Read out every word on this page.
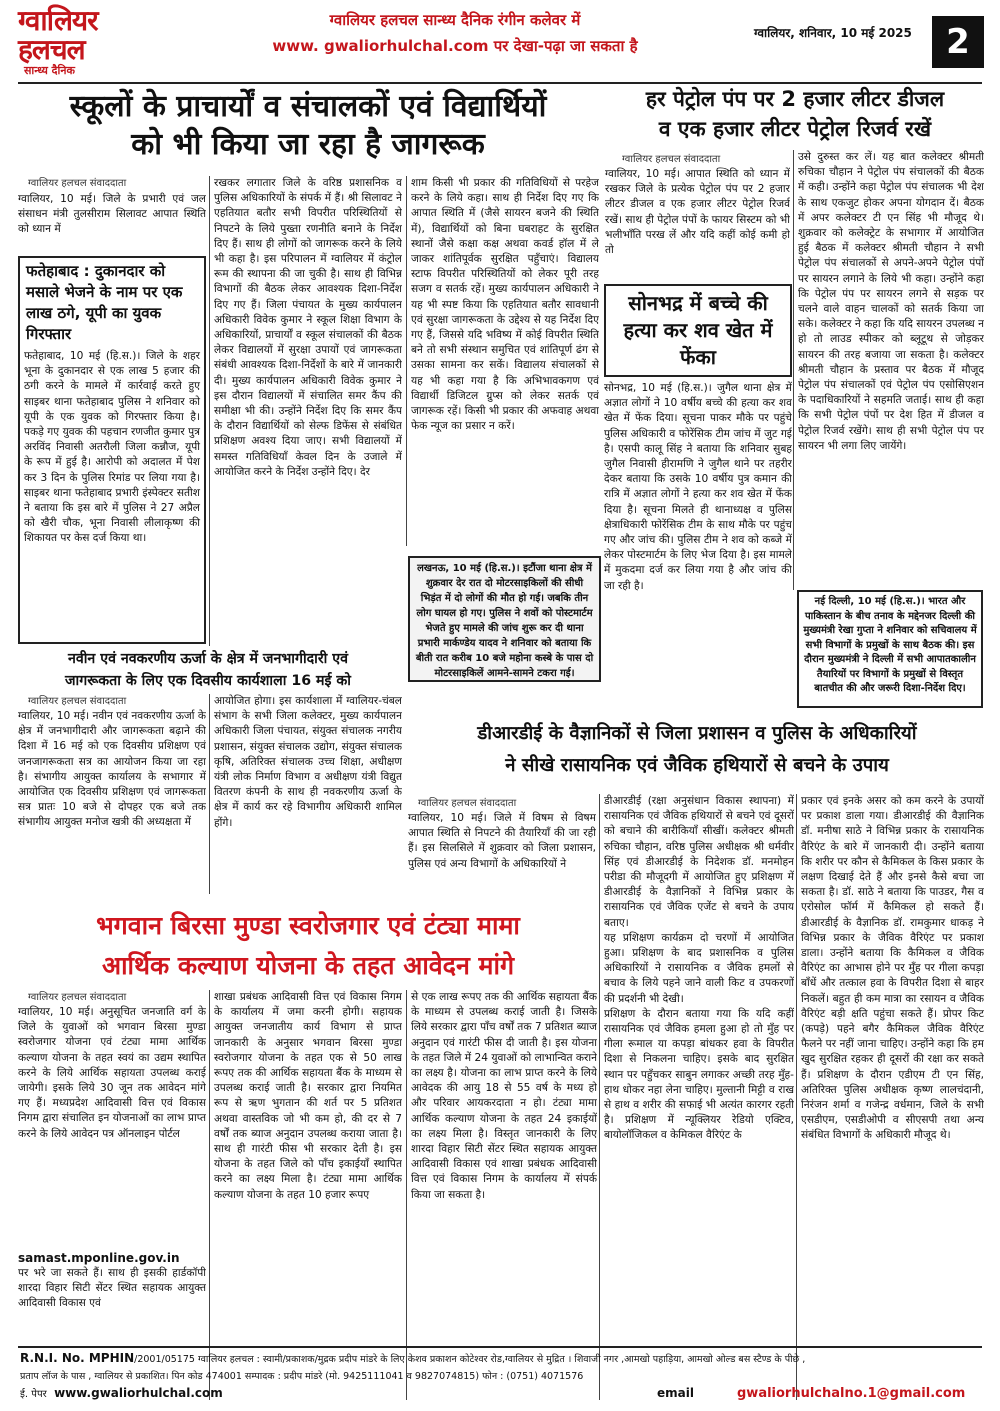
ग्वालियर
हलचल
सान्ध्य दैनिक
ग्वालियर हलचल सान्ध्य दैनिक रंगीन कलेवर में
www. gwaliorhulchal.com पर देखा-पढ़ा जा सकता है
ग्वालियर, शनिवार, 10 मई 2025	2
स्कूलों के प्राचार्यों व संचालकों एवं विद्यार्थियों
को भी किया जा रहा है जागरूक
ग्वालियर हलचल संवाददाता
ग्वालियर, 10 मई। जिले के प्रभारी एवं जल संसाधन मंत्री तुलसीराम सिलावट आपात स्थिति को ध्यान में
रखकर लगातार जिले के वरिष्ठ प्रशासनिक व पुलिस अधिकारियों के संपर्क में हैं। श्री सिलावट ने एहतियात बतौर सभी विपरीत परिस्थितियों से निपटने के लिये पुख्ता रणनीति बनाने के निर्देश दिए हैं। साथ ही लोगों को जागरूक करने के लिये भी कहा है। इस परिपालन में ग्वालियर में कंट्रोल रूम की स्थापना की जा चुकी है। साथ ही विभिन्न विभागों की बैठक लेकर आवश्यक दिशा-निर्देश दिए गए हैं। जिला पंचायत के मुख्य कार्यपालन अधिकारी विवेक कुमार ने स्कूल शिक्षा विभाग के अधिकारियों, प्राचार्यों व स्कूल संचालकों की बैठक लेकर विद्यालयों में सुरक्षा उपायों एवं जागरूकता संबंधी आवश्यक दिशा-निर्देशों के बारे में जानकारी दी। मुख्य कार्यपालन अधिकारी विवेक कुमार ने इस दौरान विद्यालयों में संचालित समर कैंप की समीक्षा भी की। उन्होंने निर्देश दिए कि समर कैंप के दौरान विद्यार्थियों को सेल्फ डिफेंस से संबंधित प्रशिक्षण अवश्य दिया जाए। सभी विद्यालयों में समस्त गतिविधियाँ केवल दिन के उजाले में आयोजित करने के निर्देश उन्होंने दिए। देर
शाम किसी भी प्रकार की गतिविधियों से परहेज करने के लिये कहा। साथ ही निर्देश दिए गए कि आपात स्थिति में (जैसे सायरन बजने की स्थिति में), विद्यार्थियों को बिना घबराहट के सुरक्षित स्थानों जैसे कक्षा कक्ष अथवा कवर्ड हॉल में ले जाकर शांतिपूर्वक सुरक्षित पहुँचाएं। विद्यालय स्टाफ विपरीत परिस्थितियों को लेकर पूरी तरह सजग व सतर्क रहें। मुख्य कार्यपालन अधिकारी ने यह भी स्पष्ट किया कि एहतियात बतौर सावधानी एवं सुरक्षा जागरूकता के उद्देश्य से यह निर्देश दिए गए हैं, जिससे यदि भविष्य में कोई विपरीत स्थिति बने तो सभी संस्थान समुचित एवं शांतिपूर्ण ढंग से उसका सामना कर सकें। विद्यालय संचालकों से यह भी कहा गया है कि अभिभावकगण एवं विद्यार्थी डिजिटल ग्रुप्स को लेकर सतर्क एवं जागरूक रहें। किसी भी प्रकार की अफवाह अथवा फेक न्यूज का प्रसार न करें।
फतेहाबाद : दुकानदार को मसाले भेजने के नाम पर एक लाख ठगे, यूपी का युवक गिरफ्तार
फतेहाबाद, 10 मई (हि.स.)। जिले के शहर भूना के दुकानदार से एक लाख 5 हजार की ठगी करने के मामले में कार्रवाई करते हुए साइबर थाना फतेहाबाद पुलिस ने शनिवार को यूपी के एक युवक को गिरफ्तार किया है। पकड़े गए युवक की पहचान रणजीत कुमार पुत्र अरविंद निवासी अतरौली जिला कन्नौज, यूपी के रूप में हुई है। आरोपी को अदालत में पेश कर 3 दिन के पुलिस रिमांड पर लिया गया है। साइबर थाना फतेहाबाद प्रभारी इंस्पेक्टर सतीश ने बताया कि इस बारे में पुलिस ने 27 अप्रैल को खैरी चौक, भूना निवासी लीलाकृष्ण की शिकायत पर केस दर्ज किया था।
लखनऊ, 10 मई (हि.स.)। इटौंजा थाना क्षेत्र में शुक्रवार देर रात दो मोटरसाइकिलों की सीधी भिड़ंत में दो लोगों की मौत हो गई। जबकि तीन लोग घायल हो गए। पुलिस ने शवों को पोस्टमार्टम भेजते हुए मामले की जांच शुरू कर दी थाना प्रभारी मार्कण्डेय यादव ने शनिवार को बताया कि बीती रात करीब 10 बजे महोना कस्बे के पास दो मोटरसाइकिलें आमने-सामने टकरा गई।
हर पेट्रोल पंप पर 2 हजार लीटर डीजल
व एक हजार लीटर पेट्रोल रिजर्व रखें
ग्वालियर हलचल संवाददाता
ग्वालियर, 10 मई। आपात स्थिति को ध्यान में रखकर जिले के प्रत्येक पेट्रोल पंप पर 2 हजार लीटर डीजल व एक हजार लीटर पेट्रोल रिजर्व रखें। साथ ही पेट्रोल पंपों के फायर सिस्टम को भी भलीभाँति परख लें और यदि कहीं कोई कमी हो तो
उसे दुरुस्त कर लें। यह बात कलेक्टर श्रीमती रुचिका चौहान ने पेट्रोल पंप संचालकों की बैठक में कही। उन्होंने कहा पेट्रोल पंप संचालक भी देश के साथ एकजुट होकर अपना योगदान दें। बैठक में अपर कलेक्टर टी एन सिंह भी मौजूद थे। शुक्रवार को कलेक्ट्रेट के सभागार में आयोजित हुई बैठक में कलेक्टर श्रीमती चौहान ने सभी पेट्रोल पंप संचालकों से अपने-अपने पेट्रोल पंपों पर सायरन लगाने के लिये भी कहा। उन्होंने कहा कि पेट्रोल पंप पर सायरन लगने से सड़क पर चलने वाले वाहन चालकों को सतर्क किया जा सके। कलेक्टर ने कहा कि यदि सायरन उपलब्ध न हो तो लाउड स्पीकर को ब्लूटूथ से जोड़कर सायरन की तरह बजाया जा सकता है। कलेक्टर श्रीमती चौहान के प्रस्ताव पर बैठक में मौजूद पेट्रोल पंप संचालकों एवं पेट्रोल पंप एसोसिएशन के पदाधिकारियों ने सहमति जताई। साथ ही कहा कि सभी पेट्रोल पंपों पर देश हित में डीजल व पेट्रोल रिजर्व रखेंगे। साथ ही सभी पेट्रोल पंप पर सायरन भी लगा लिए जायेंगे।
सोनभद्र में बच्चे की हत्या कर शव खेत में फेंका
सोनभद्र, 10 मई (हि.स.)। जुगैल थाना क्षेत्र में अज्ञात लोगों ने 10 वर्षीय बच्चे की हत्या कर शव खेत में फेंक दिया। सूचना पाकर मौके पर पहुंचे पुलिस अधिकारी व फोरेंसिक टीम जांच में जुट गई है। एसपी कालू सिंह ने बताया कि शनिवार सुबह जुगैल निवासी हीरामणि ने जुगैल थाने पर तहरीर देकर बताया कि उसके 10 वर्षीय पुत्र कमान की रात्रि में अज्ञात लोगों ने हत्या कर शव खेत में फेंक दिया है। सूचना मिलते ही थानाध्यक्ष व पुलिस क्षेत्राधिकारी फोरेंसिक टीम के साथ मौके पर पहुंच गए और जांच की। पुलिस टीम ने शव को कब्जे में लेकर पोस्टमार्टम के लिए भेज दिया है। इस मामले में मुकदमा दर्ज कर लिया गया है और जांच की जा रही है।
नई दिल्ली, 10 मई (हि.स.)। भारत और पाकिस्तान के बीच तनाव के मद्देनजर दिल्ली की मुख्यमंत्री रेखा गुप्ता ने शनिवार को सचिवालय में सभी विभागों के प्रमुखों के साथ बैठक की। इस दौरान मुख्यमंत्री ने दिल्ली में सभी आपातकालीन तैयारियों पर विभागों के प्रमुखों से विस्तृत बातचीत की और जरूरी दिशा-निर्देश दिए।
नवीन एवं नवकरणीय ऊर्जा के क्षेत्र में जनभागीदारी एवं
जागरूकता के लिए एक दिवसीय कार्यशाला 16 मई को
ग्वालियर हलचल संवाददाता
ग्वालियर, 10 मई। नवीन एवं नवकरणीय ऊर्जा के क्षेत्र में जनभागीदारी और जागरूकता बढ़ाने की दिशा में 16 मई को एक दिवसीय प्रशिक्षण एवं जनजागरूकता सत्र का आयोजन किया जा रहा है। संभागीय आयुक्त कार्यालय के सभागार में आयोजित एक दिवसीय प्रशिक्षण एवं जागरूकता सत्र प्रातः 10 बजे से दोपहर एक बजे तक संभागीय आयुक्त मनोज खत्री की अध्यक्षता में
आयोजित होगा। इस कार्यशाला में ग्वालियर-चंबल संभाग के सभी जिला कलेक्टर, मुख्य कार्यपालन अधिकारी जिला पंचायत, संयुक्त संचालक नगरीय प्रशासन, संयुक्त संचालक उद्योग, संयुक्त संचालक कृषि, अतिरिक्त संचालक उच्च शिक्षा, अधीक्षण यंत्री लोक निर्माण विभाग व अधीक्षण यंत्री विद्युत वितरण कंपनी के साथ ही नवकरणीय ऊर्जा के क्षेत्र में कार्य कर रहे विभागीय अधिकारी शामिल होंगे।
डीआरडीई के वैज्ञानिकों से जिला प्रशासन व पुलिस के अधिकारियों
ने सीखे रासायनिक एवं जैविक हथियारों से बचने के उपाय
ग्वालियर हलचल संवाददाता
ग्वालियर, 10 मई। जिले में विषम से विषम आपात स्थिति से निपटने की तैयारियाँ की जा रही हैं। इस सिलसिले में शुक्रवार को जिला प्रशासन, पुलिस एवं अन्य विभागों के अधिकारियों ने
डीआरडीई (रक्षा अनुसंधान विकास स्थापना) में रासायनिक एवं जैविक हथियारों से बचने एवं दूसरों को बचाने की बारीकियाँ सीखीं। कलेक्टर श्रीमती रुचिका चौहान, वरिष्ठ पुलिस अधीक्षक श्री धर्मवीर सिंह एवं डीआरडीई के निदेशक डॉ. मनमोहन परीडा की मौजूदगी में आयोजित हुए प्रशिक्षण में डीआरडीई के वैज्ञानिकों ने विभिन्न प्रकार के रासायनिक एवं जैविक एजेंट से बचने के उपाय बताए।
यह प्रशिक्षण कार्यक्रम दो चरणों में आयोजित हुआ। प्रशिक्षण के बाद प्रशासनिक व पुलिस अधिकारियों ने रासायनिक व जैविक हमलों से बचाव के लिये पहने जाने वाली किट व उपकरणों की प्रदर्शनी भी देखी।
प्रशिक्षण के दौरान बताया गया कि यदि कहीं रासायनिक एवं जैविक हमला हुआ हो तो मुँह पर गीला रूमाल या कपड़ा बांधकर हवा के विपरीत दिशा से निकलना चाहिए। इसके बाद सुरक्षित स्थान पर पहुँचकर साबुन लगाकर अच्छी तरह मुँह-हाथ धोकर नहा लेना चाहिए। मुल्तानी मिट्टी व राख से हाथ व शरीर की सफाई भी अत्यंत कारगर रहती है। प्रशिक्षण में न्यूक्लियर रेडियो एक्टिव, बायोलॉजिकल व केमिकल वैरिएंट के
प्रकार एवं इनके असर को कम करने के उपायों पर प्रकाश डाला गया। डीआरडीई की वैज्ञानिक डॉ. मनीषा साठे ने विभिन्न प्रकार के रासायनिक वैरिएंट के बारे में जानकारी दी। उन्होंने बताया कि शरीर पर कौन से कैमिकल के किस प्रकार के लक्षण दिखाई देते हैं और इनसे कैसे बचा जा सकता है। डॉ. साठे ने बताया कि पाउडर, गैस व एरोसोल फॉर्म में कैमिकल हो सकते हैं। डीआरडीई के वैज्ञानिक डॉ. रामकुमार धाकड़ ने विभिन्न प्रकार के जैविक वैरिएंट पर प्रकाश डाला। उन्होंने बताया कि कैमिकल व जैविक वैरिएंट का आभास होने पर मुँह पर गीला कपड़ा बाँधें और तत्काल हवा के विपरीत दिशा से बाहर निकलें। बहुत ही कम मात्रा का रसायन व जैविक वैरिएंट बड़ी क्षति पहुंचा सकते हैं। प्रोपर किट (कपड़े) पहने बगैर कैमिकल जैविक वैरिएंट फैलने पर नहीं जाना चाहिए। उन्होंने कहा कि हम खुद सुरक्षित रहकर ही दूसरों की रक्षा कर सकते हैं। प्रशिक्षण के दौरान एडीएम टी एन सिंह, अतिरिक्त पुलिस अधीक्षक कृष्ण लालचंदानी, निरंजन शर्मा व गजेन्द्र वर्धमान, जिले के सभी एसडीएम, एसडीओपी व सीएसपी तथा अन्य संबंधित विभागों के अधिकारी मौजूद थे।
भगवान बिरसा मुण्डा स्वरोजगार एवं टंट्या मामा
आर्थिक कल्याण योजना के तहत आवेदन मांगे
ग्वालियर हलचल संवाददाता
ग्वालियर, 10 मई। अनुसूचित जनजाति वर्ग के जिले के युवाओं को भगवान बिरसा मुण्डा स्वरोजगार योजना एवं टंट्या मामा आर्थिक कल्याण योजना के तहत स्वयं का उद्यम स्थापित करने के लिये आर्थिक सहायता उपलब्ध कराई जायेगी। इसके लिये 30 जून तक आवेदन मांगे गए हैं। मध्यप्रदेश आदिवासी वित्त एवं विकास निगम द्वारा संचालित इन योजनाओं का लाभ प्राप्त करने के लिये आवेदन पत्र ऑनलाइन पोर्टल
samast.mponline.gov.in
पर भरे जा सकते हैं। साथ ही इसकी हार्डकॉपी शारदा विहार सिटी सेंटर स्थित सहायक आयुक्त आदिवासी विकास एवं
शाखा प्रबंधक आदिवासी वित्त एवं विकास निगम के कार्यालय में जमा करनी होगी। सहायक आयुक्त जनजातीय कार्य विभाग से प्राप्त जानकारी के अनुसार भगवान बिरसा मुण्डा स्वरोजगार योजना के तहत एक से 50 लाख रूपए तक की आर्थिक सहायता बैंक के माध्यम से उपलब्ध कराई जाती है। सरकार द्वारा नियमित रूप से ऋण भुगतान की शर्त पर 5 प्रतिशत अथवा वास्तविक जो भी कम हो, की दर से 7 वर्षों तक ब्याज अनुदान उपलब्ध कराया जाता है। साथ ही गारंटी फीस भी सरकार देती है। इस योजना के तहत जिले को पाँच इकाईयाँ स्थापित करने का लक्ष्य मिला है। टंट्या मामा आर्थिक कल्याण योजना के तहत 10 हजार रूपए
से एक लाख रूपए तक की आर्थिक सहायता बैंक के माध्यम से उपलब्ध कराई जाती है। जिसके लिये सरकार द्वारा पाँच वर्षों तक 7 प्रतिशत ब्याज अनुदान एवं गारंटी फीस दी जाती है। इस योजना के तहत जिले में 24 युवाओं को लाभान्वित कराने का लक्ष्य है। योजना का लाभ प्राप्त करने के लिये आवेदक की आयु 18 से 55 वर्ष के मध्य हो और परिवार आयकरदाता न हो। टंट्या मामा आर्थिक कल्याण योजना के तहत 24 इकाईयों का लक्ष्य मिला है। विस्तृत जानकारी के लिए शारदा विहार सिटी सेंटर स्थित सहायक आयुक्त आदिवासी विकास एवं शाखा प्रबंधक आदिवासी वित्त एवं विकास निगम के कार्यालय में संपर्क किया जा सकता है।
R.N.I. No. MPHIN/2001/05175 ग्वालियर हलचल : स्वामी/प्रकाशक/मुद्रक प्रदीप मांडरे के लिए केशव प्रकाशन कोटेश्वर रोड,ग्वालियर से मुद्रित । शिवाजी नगर ,आमखो पहाड़िया, आमखो ओल्ड बस स्टैण्ड के पीछे ,
प्रताप लॉज के पास , ग्वालियर से प्रकाशित। पिन कोड 474001 सम्पादक : प्रदीप मांडरे (मो. 9425111041 व 9827074815) फोन : (0751) 4071576
ई. पेपर www.gwaliorhulchal.com	email	gwaliorhulchalno.1@gmail.com
